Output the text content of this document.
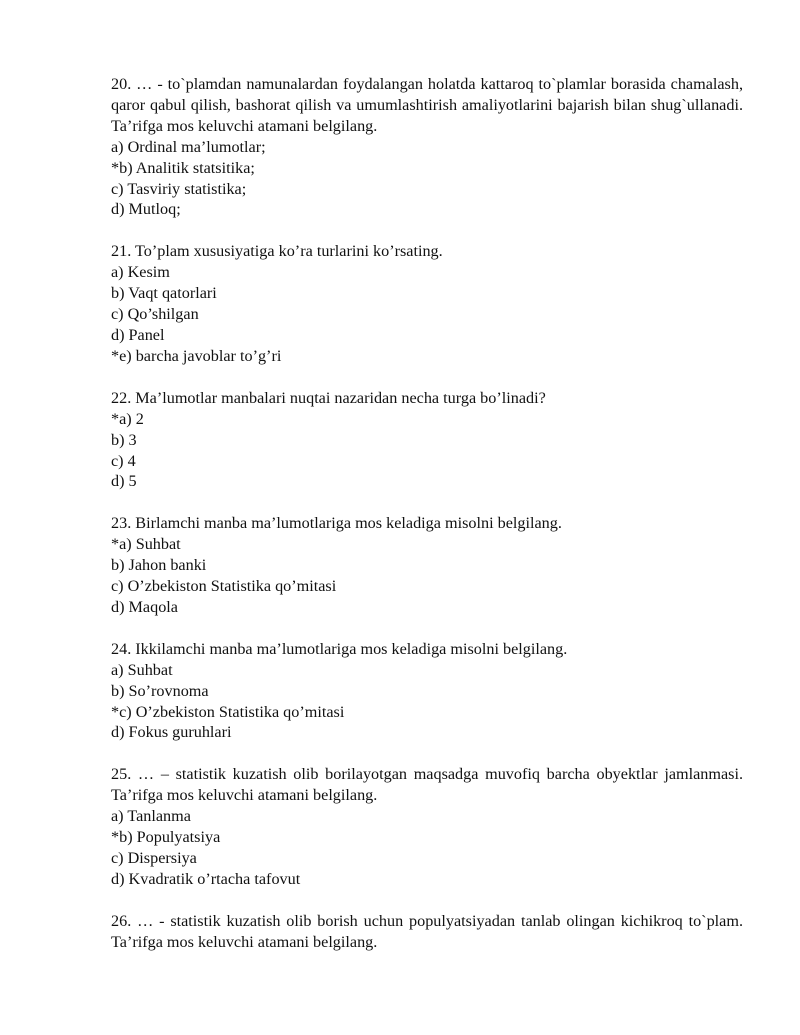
20. … - to`plamdan namunalardan foydalangan holatda kattaroq to`plamlar borasida chamalash, qaror qabul qilish, bashorat qilish va umumlashtirish amaliyotlarini bajarish bilan shug`ullanadi. Ta’rifga mos keluvchi atamani belgilang.

a) Ordinal ma’lumotlar;

*b) Analitik statsitika;

c) Tasviriy statistika;

d) Mutloq;

21. To’plam xususiyatiga ko’ra turlarini ko’rsating.

a) Kesim

b) Vaqt qatorlari

c) Qo’shilgan

d) Panel

*e) barcha javoblar to’g’ri

22. Ma’lumotlar manbalari nuqtai nazaridan necha turga bo’linadi?

*a) 2

b) 3

c) 4

d) 5

23. Birlamchi manba ma’lumotlariga mos keladiga misolni belgilang.

*a) Suhbat

b) Jahon banki

c) O’zbekiston Statistika qo’mitasi

d) Maqola

24. Ikkilamchi manba ma’lumotlariga mos keladiga misolni belgilang.

a) Suhbat

b) So’rovnoma

*c) O’zbekiston Statistika qo’mitasi

d) Fokus guruhlari

25. … – statistik kuzatish olib borilayotgan maqsadga muvofiq barcha obyektlar jamlanmasi. Ta’rifga mos keluvchi atamani belgilang.

a) Tanlanma

*b) Populyatsiya

c) Dispersiya

d) Kvadratik o’rtacha tafovut

26. … - statistik kuzatish olib borish uchun populyatsiyadan tanlab olingan kichikroq to`plam. Ta’rifga mos keluvchi atamani belgilang.
